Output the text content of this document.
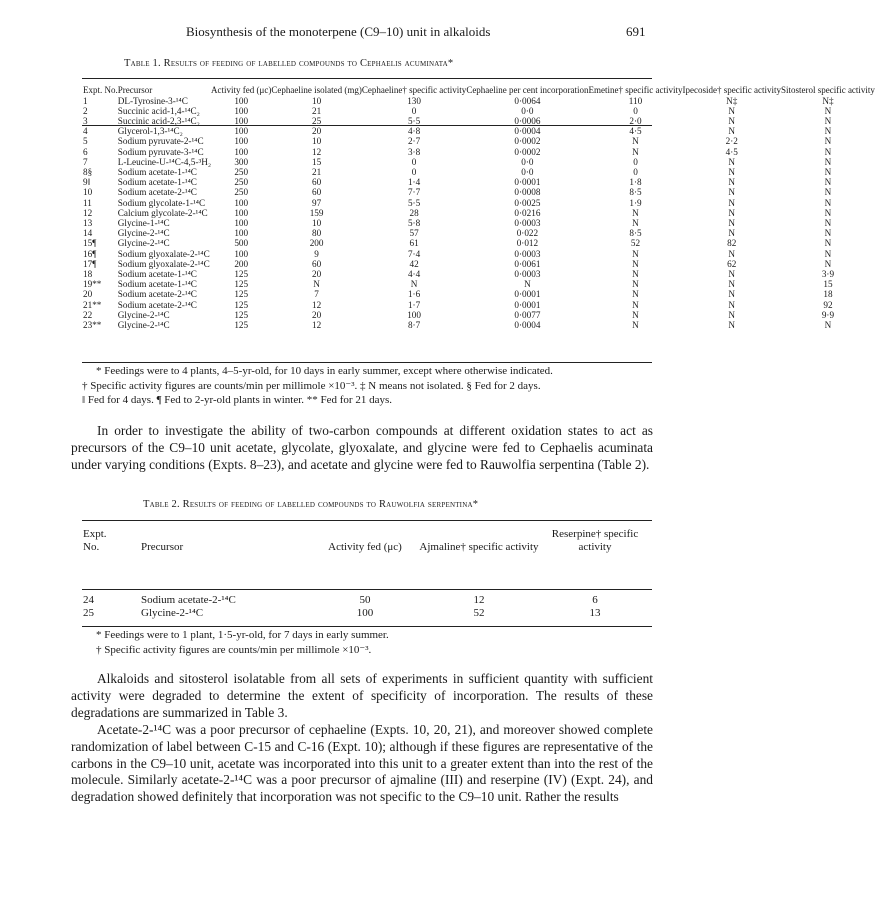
Biosynthesis of the monoterpene (C9–10) unit in alkaloids	691
Table 1. Results of feeding of labelled compounds to Cephaelis acuminata*
Expt. No.	Precursor	Activity fed (μc)	Cephaeline isolated (mg)	Cephaeline† specific activity	Cephaeline per cent incorporation	Emetine† specific activity	Ipecoside† specific activity	Sitosterol specific activity
1	DL-Tyrosine-3-¹⁴C	100	10	130	0·0064	110	N‡	N‡
2	Succinic acid-1,4-¹⁴C₂	100	21	0	0·0	0	N	N
3	Succinic acid-2,3-¹⁴C₂	100	25	5·5	0·0006	2·0	N	N
4	Glycerol-1,3-¹⁴C₂	100	20	4·8	0·0004	4·5	N	N
5	Sodium pyruvate-2-¹⁴C	100	10	2·7	0·0002	N	2·2	N
6	Sodium pyruvate-3-¹⁴C	100	12	3·8	0·0002	N	4·5	N
7	L-Leucine-U-¹⁴C-4,5-³H₂	300	15	0	0·0	0	N	N
8§	Sodium acetate-1-¹⁴C	250	21	0	0·0	0	N	N
9‖	Sodium acetate-1-¹⁴C	250	60	1·4	0·0001	1·8	N	N
10	Sodium acetate-2-¹⁴C	250	60	7·7	0·0008	8·5	N	N
11	Sodium glycolate-1-¹⁴C	100	97	5·5	0·0025	1·9	N	N
12	Calcium glycolate-2-¹⁴C	100	159	28	0·0216	N	N	N
13	Glycine-1-¹⁴C	100	10	5·8	0·0003	N	N	N
14	Glycine-2-¹⁴C	100	80	57	0·022	8·5	N	N
15¶	Glycine-2-¹⁴C	500	200	61	0·012	52	82	N
16¶	Sodium glyoxalate-2-¹⁴C	100	9	7·4	0·0003	N	N	N
17¶	Sodium glyoxalate-2-¹⁴C	200	60	42	0·0061	N	62	N
18	Sodium acetate-1-¹⁴C	125	20	4·4	0·0003	N	N	3·9
19**	Sodium acetate-1-¹⁴C	125	N	N	N	N	N	15
20	Sodium acetate-2-¹⁴C	125	7	1·6	0·0001	N	N	18
21**	Sodium acetate-2-¹⁴C	125	12	1·7	0·0001	N	N	92
22	Glycine-2-¹⁴C	125	20	100	0·0077	N	N	9·9
23**	Glycine-2-¹⁴C	125	12	8·7	0·0004	N	N	N
* Feedings were to 4 plants, 4–5-yr-old, for 10 days in early summer, except where otherwise indicated.
† Specific activity figures are counts/min per millimole ×10⁻³. ‡ N means not isolated. § Fed for 2 days.
‖ Fed for 4 days. ¶ Fed to 2-yr-old plants in winter. ** Fed for 21 days.
In order to investigate the ability of two-carbon compounds at different oxidation states to act as precursors of the C9–10 unit acetate, glycolate, glyoxalate, and glycine were fed to Cephaelis acuminata under varying conditions (Expts. 8–23), and acetate and glycine were fed to Rauwolfia serpentina (Table 2).
Table 2. Results of feeding of labelled compounds to Rauwolfia serpentina*
Expt. No.	Precursor	Activity fed (μc)	Ajmaline† specific activity	Reserpine† specific activity
24	Sodium acetate-2-¹⁴C	50	12	6
25	Glycine-2-¹⁴C	100	52	13
* Feedings were to 1 plant, 1·5-yr-old, for 7 days in early summer.
† Specific activity figures are counts/min per millimole ×10⁻³.
Alkaloids and sitosterol isolatable from all sets of experiments in sufficient quantity with sufficient activity were degraded to determine the extent of specificity of incorporation. The results of these degradations are summarized in Table 3.
Acetate-2-¹⁴C was a poor precursor of cephaeline (Expts. 10, 20, 21), and moreover showed complete randomization of label between C-15 and C-16 (Expt. 10); although if these figures are representative of the carbons in the C9–10 unit, acetate was incorporated into this unit to a greater extent than into the rest of the molecule. Similarly acetate-2-¹⁴C was a poor precursor of ajmaline (III) and reserpine (IV) (Expt. 24), and degradation showed definitely that incorporation was not specific to the C9–10 unit. Rather the results
